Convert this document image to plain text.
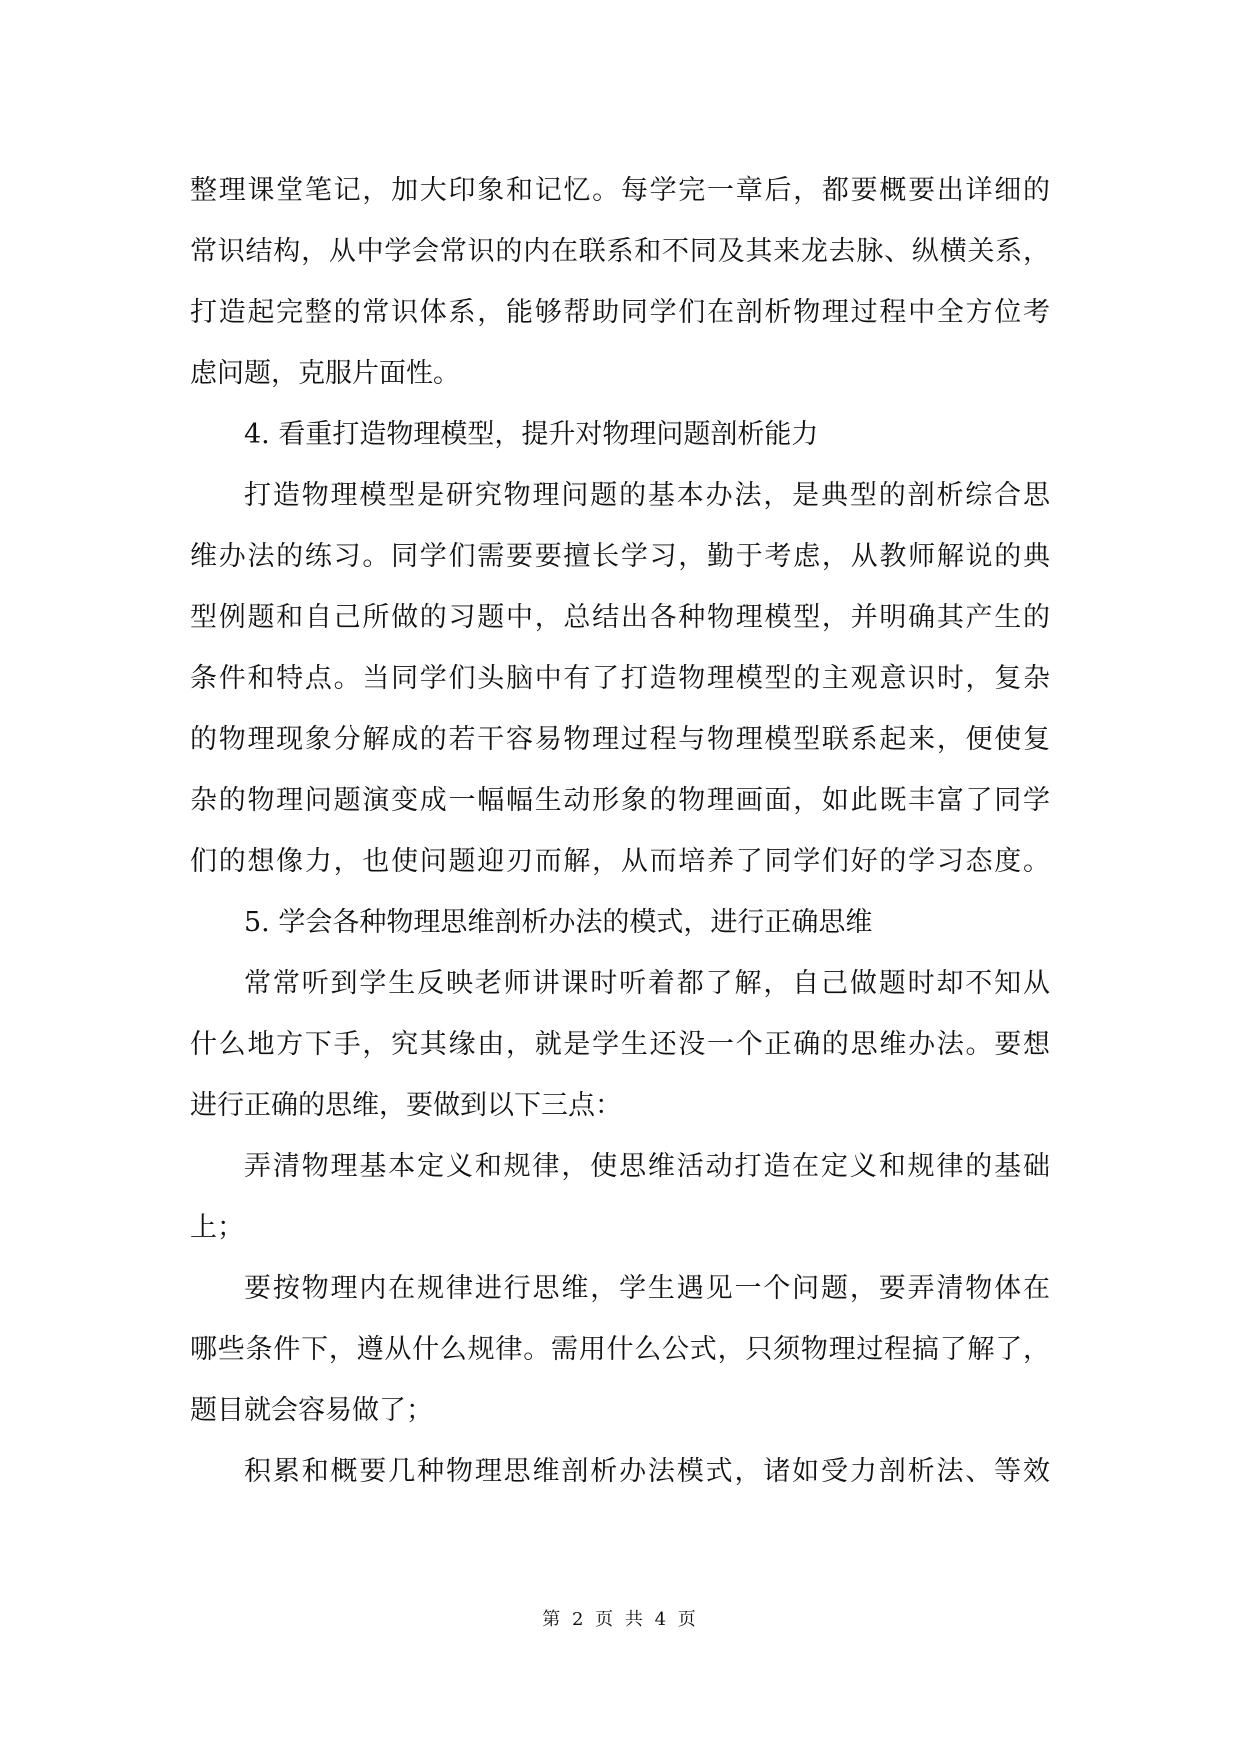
整理课堂笔记，加大印象和记忆。每学完一章后，都要概要出详细的
常识结构，从中学会常识的内在联系和不同及其来龙去脉、纵横关系，
打造起完整的常识体系，能够帮助同学们在剖析物理过程中全方位考
虑问题，克服片面性。
4. 看重打造物理模型，提升对物理问题剖析能力
打造物理模型是研究物理问题的基本办法，是典型的剖析综合思
维办法的练习。同学们需要要擅长学习，勤于考虑，从教师解说的典
型例题和自己所做的习题中，总结出各种物理模型，并明确其产生的
条件和特点。当同学们头脑中有了打造物理模型的主观意识时，复杂
的物理现象分解成的若干容易物理过程与物理模型联系起来，便使复
杂的物理问题演变成一幅幅生动形象的物理画面，如此既丰富了同学
们的想像力，也使问题迎刃而解，从而培养了同学们好的学习态度。
5. 学会各种物理思维剖析办法的模式，进行正确思维
常常听到学生反映老师讲课时听着都了解，自己做题时却不知从
什么地方下手，究其缘由，就是学生还没一个正确的思维办法。要想
进行正确的思维，要做到以下三点：
弄清物理基本定义和规律，使思维活动打造在定义和规律的基础
上；
要按物理内在规律进行思维，学生遇见一个问题，要弄清物体在
哪些条件下，遵从什么规律。需用什么公式，只须物理过程搞了解了，
题目就会容易做了；
积累和概要几种物理思维剖析办法模式，诸如受力剖析法、等效
第 2 页 共 4 页
